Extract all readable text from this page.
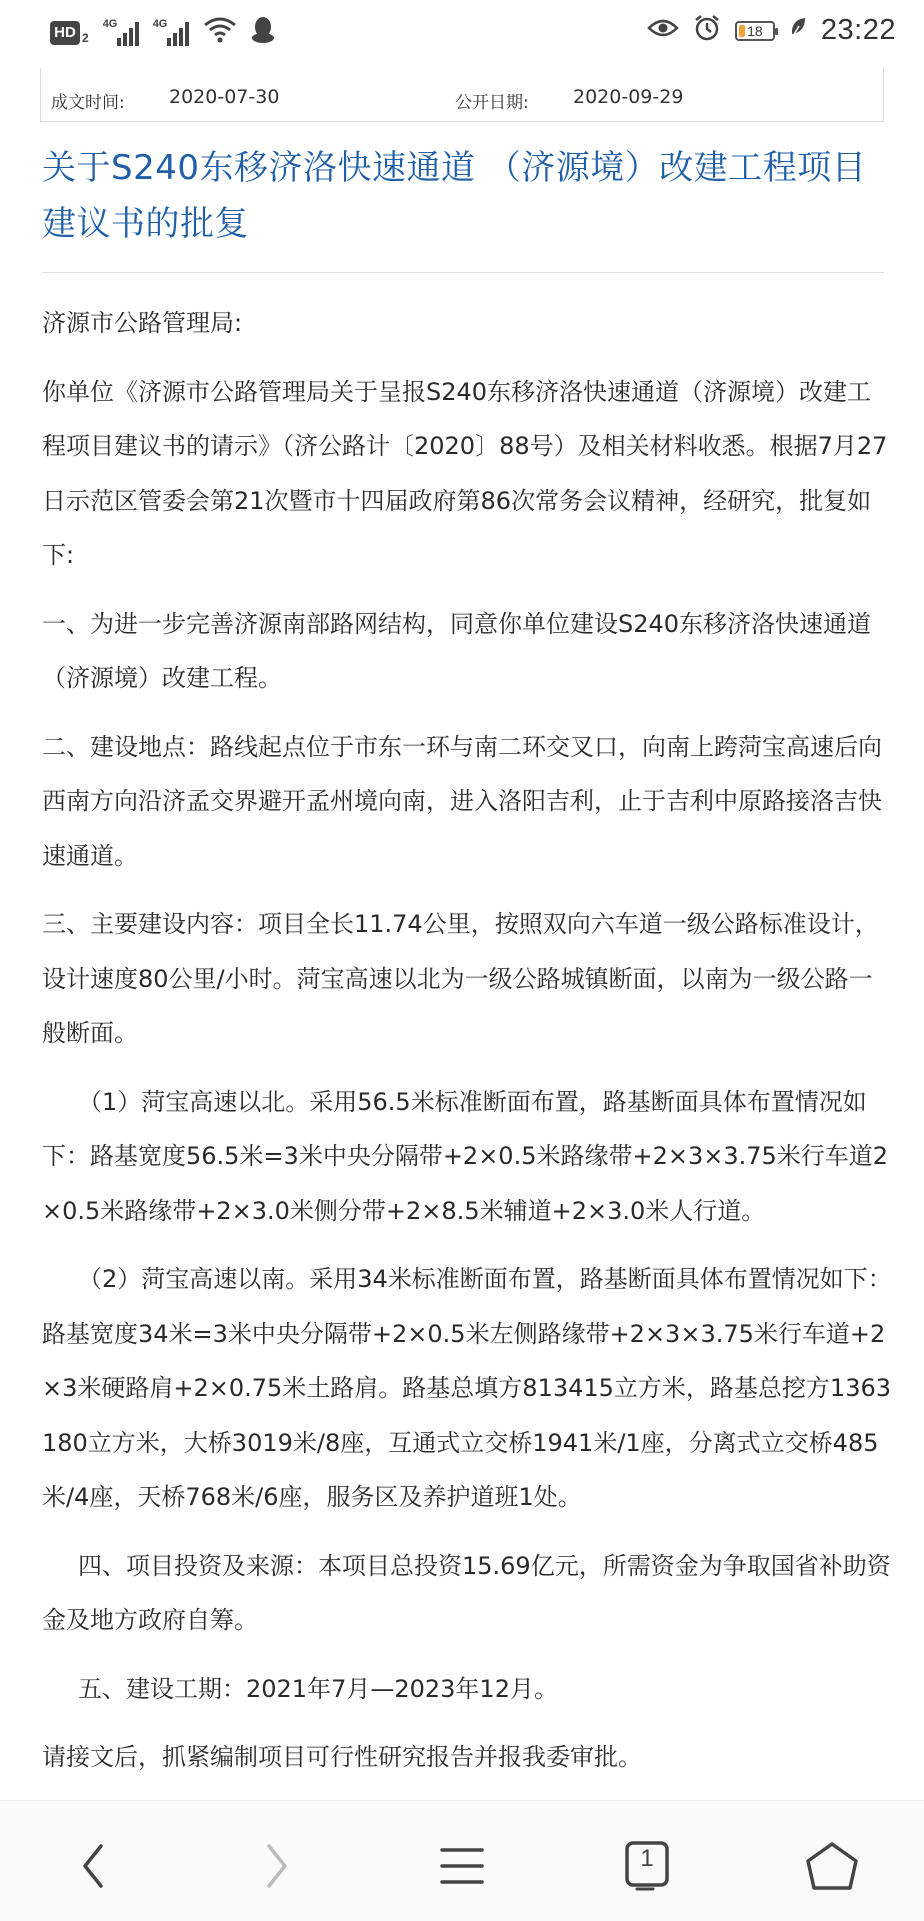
HD 2
4G	4G	18	23:22
成文时间: 2020-07-30	公开日期: 2020-09-29
关于S240东移济洛快速通道 （济源境）改建工程项目建议书的批复

济源市公路管理局:

你单位《济源市公路管理局关于呈报S240东移济洛快速通道（济源境）改建工程项目建议书的请示》（济公路计〔2020〕88号）及相关材料收悉。根据7月27日示范区管委会第21次暨市十四届政府第86次常务会议精神，经研究，批复如下:

一、为进一步完善济源南部路网结构，同意你单位建设S240东移济洛快速通道（济源境）改建工程。

二、建设地点：路线起点位于市东一环与南二环交叉口，向南上跨菏宝高速后向西南方向沿济孟交界避开孟州境向南，进入洛阳吉利，止于吉利中原路接洛吉快速通道。

三、主要建设内容：项目全长11.74公里，按照双向六车道一级公路标准设计，设计速度80公里/小时。菏宝高速以北为一级公路城镇断面，以南为一级公路一般断面。

（1）菏宝高速以北。采用56.5米标准断面布置，路基断面具体布置情况如下：路基宽度56.5米=3米中央分隔带+2×0.5米路缘带+2×3×3.75米行车道2×0.5米路缘带+2×3.0米侧分带+2×8.5米辅道+2×3.0米人行道。

（2）菏宝高速以南。采用34米标准断面布置，路基断面具体布置情况如下：路基宽度34米=3米中央分隔带+2×0.5米左侧路缘带+2×3×3.75米行车道+2×3米硬路肩+2×0.75米土路肩。路基总填方813415立方米，路基总挖方1363180立方米，大桥3019米/8座，互通式立交桥1941米/1座，分离式立交桥485米/4座，天桥768米/6座，服务区及养护道班1处。

四、项目投资及来源：本项目总投资15.69亿元，所需资金为争取国省补助资金及地方政府自筹。

五、建设工期：2021年7月—2023年12月。

请接文后，抓紧编制项目可行性研究报告并报我委审批。

1
